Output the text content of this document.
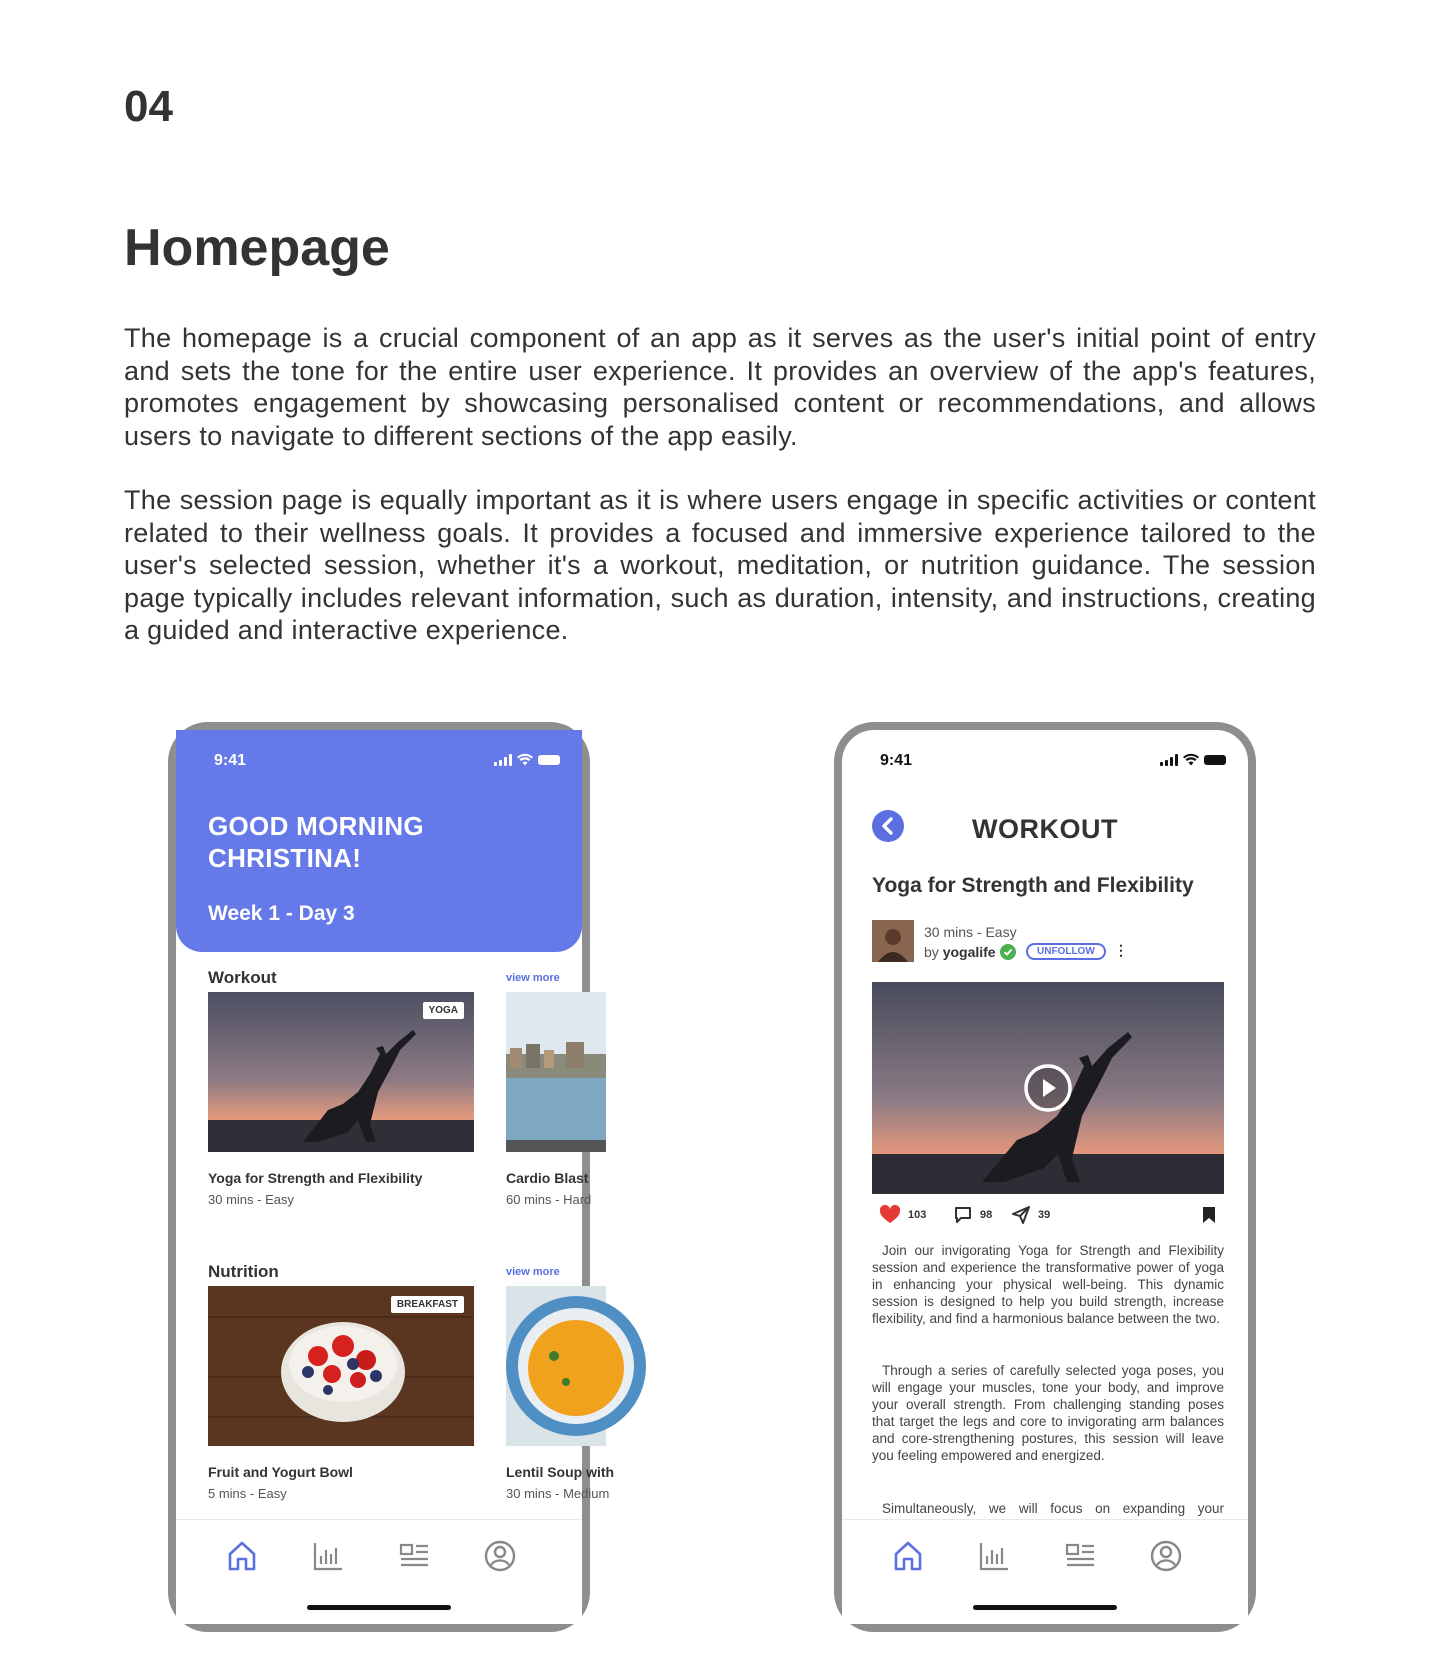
04
Homepage

The homepage is a crucial component of an app as it serves as the user's initial point of entry and sets the tone for the entire user experience. It provides an overview of the app's features, promotes engagement by showcasing personalised content or recommendations, and allows users to navigate to different sections of the app easily.

The session page is equally important as it is where users engage in specific activities or content related to their wellness goals. It provides a focused and immersive experience tailored to the user's selected session, whether it's a workout, meditation, or nutrition guidance. The session page typically includes relevant information, such as duration, intensity, and instructions, creating a guided and interactive experience.

9:41
GOOD MORNING CHRISTINA!
Week 1 - Day 3
Workout	view more
YOGA
Yoga for Strength and Flexibility
30 mins - Easy
Cardio Blast
60 mins - Hard
Nutrition	view more
BREAKFAST
Fruit and Yogurt Bowl
5 mins - Easy
Lentil Soup with
30 mins - Medium
9:41
WORKOUT
Yoga for Strength and Flexibility
30 mins - Easy
by yogalife	UNFOLLOW	⋮
103	98	39

Join our invigorating Yoga for Strength and Flexibility session and experience the transformative power of yoga in enhancing your physical well-being. This dynamic session is designed to help you build strength, increase flexibility, and find a harmonious balance between the two.

Through a series of carefully selected yoga poses, you will engage your muscles, tone your body, and improve your overall strength. From challenging standing poses that target the legs and core to invigorating arm balances and core-strengthening postures, this session will leave you feeling empowered and energized.

Simultaneously, we will focus on expanding your
